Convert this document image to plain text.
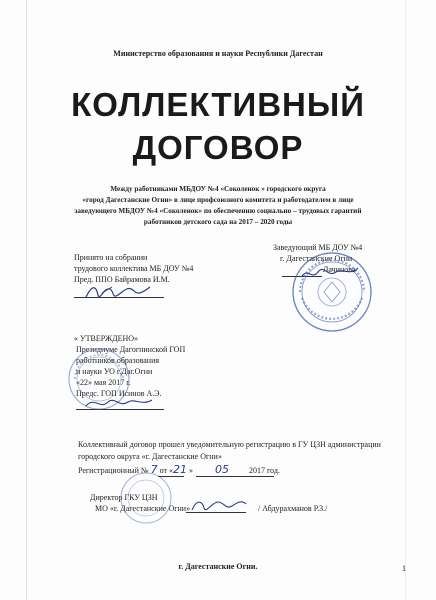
Министерство образования и науки Республики Дагестан
КОЛЛЕКТИВНЫЙ
ДОГОВОР
Между работниками МБДОУ №4 «Соколенок » городского округа
«город Дагестанские Огни» в лице профсоюзного комитета и работодателем в лице
заведующего МБДОУ №4 «Соколенок» по обеспечению социально – трудовых гарантий
работников детского сада на 2017 – 2020 годы
Принято на собрании
трудового коллектива МБ ДОУ №4
Пред. ППО Байрамова И.М.
Заведующий МБ ДОУ №4
г. Дагестанские Огни
Лачинова
« УТВЕРЖДЕНО»
Президиуме Дагогнинской ГОП
работников образования
и науки УО г.Даг.Огни
«22» мая 2017 г.
Предс. ГОП Исинов А.Э.
Коллективный договор прошел уведомительную регистрацию в ГУ ЦЗН администрации
городского округа «г. Дагестанские Огни»
Регистрационный № 7 от «21 » 05	2017 год.
Директор ГКУ ЦЗН
МО «г. Дагестанские Огни»	/ Абдурахманов Р.З./
г. Дагестанские Огни.	1
